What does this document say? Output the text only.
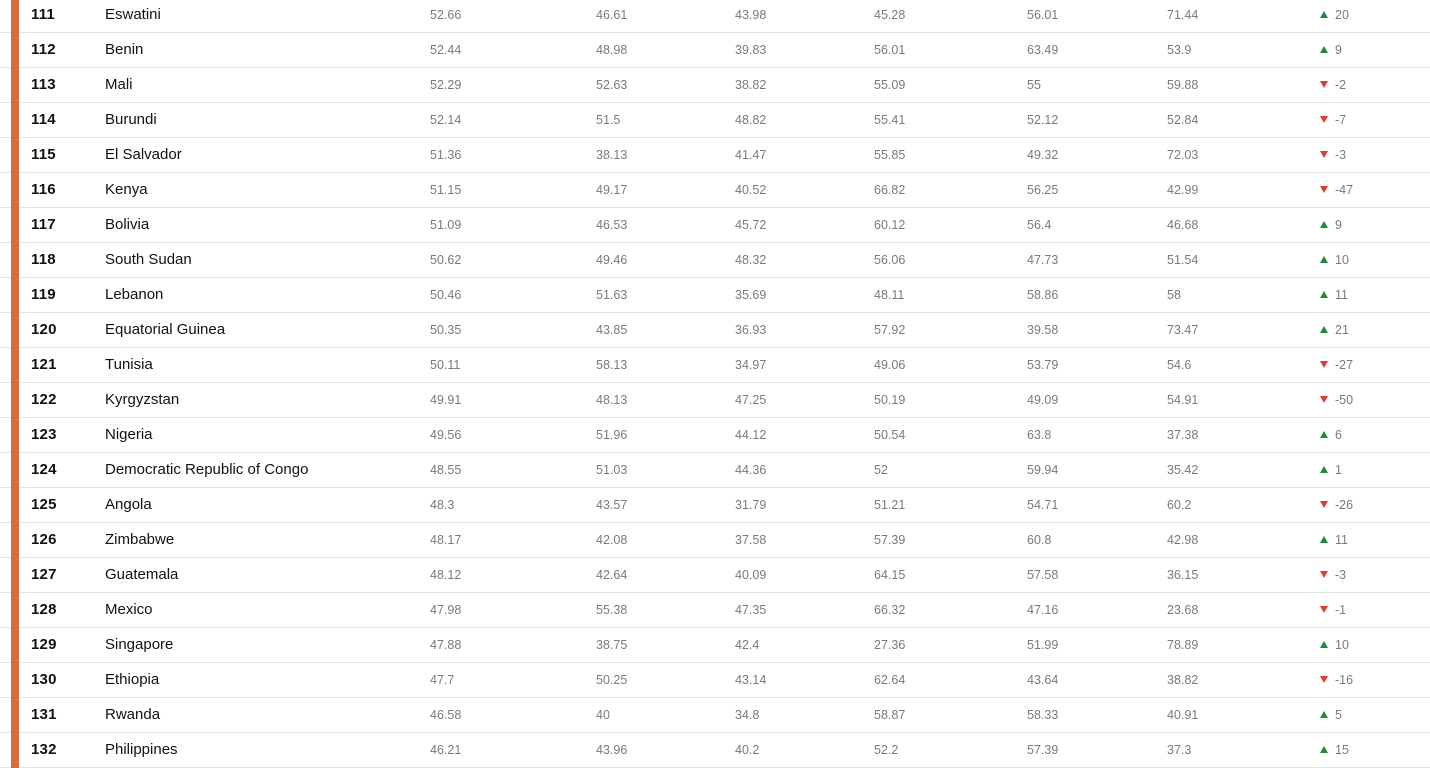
111	Eswatini	52.66	46.61	43.98	45.28	56.01	71.44	20
112	Benin	52.44	48.98	39.83	56.01	63.49	53.9	9
113	Mali	52.29	52.63	38.82	55.09	55	59.88	-2
114	Burundi	52.14	51.5	48.82	55.41	52.12	52.84	-7
115	El Salvador	51.36	38.13	41.47	55.85	49.32	72.03	-3
116	Kenya	51.15	49.17	40.52	66.82	56.25	42.99	-47
117	Bolivia	51.09	46.53	45.72	60.12	56.4	46.68	9
118	South Sudan	50.62	49.46	48.32	56.06	47.73	51.54	10
119	Lebanon	50.46	51.63	35.69	48.11	58.86	58	11
120	Equatorial Guinea	50.35	43.85	36.93	57.92	39.58	73.47	21
121	Tunisia	50.11	58.13	34.97	49.06	53.79	54.6	-27
122	Kyrgyzstan	49.91	48.13	47.25	50.19	49.09	54.91	-50
123	Nigeria	49.56	51.96	44.12	50.54	63.8	37.38	6
124	Democratic Republic of Congo	48.55	51.03	44.36	52	59.94	35.42	1
125	Angola	48.3	43.57	31.79	51.21	54.71	60.2	-26
126	Zimbabwe	48.17	42.08	37.58	57.39	60.8	42.98	11
127	Guatemala	48.12	42.64	40.09	64.15	57.58	36.15	-3
128	Mexico	47.98	55.38	47.35	66.32	47.16	23.68	-1
129	Singapore	47.88	38.75	42.4	27.36	51.99	78.89	10
130	Ethiopia	47.7	50.25	43.14	62.64	43.64	38.82	-16
131	Rwanda	46.58	40	34.8	58.87	58.33	40.91	5
132	Philippines	46.21	43.96	40.2	52.2	57.39	37.3	15
